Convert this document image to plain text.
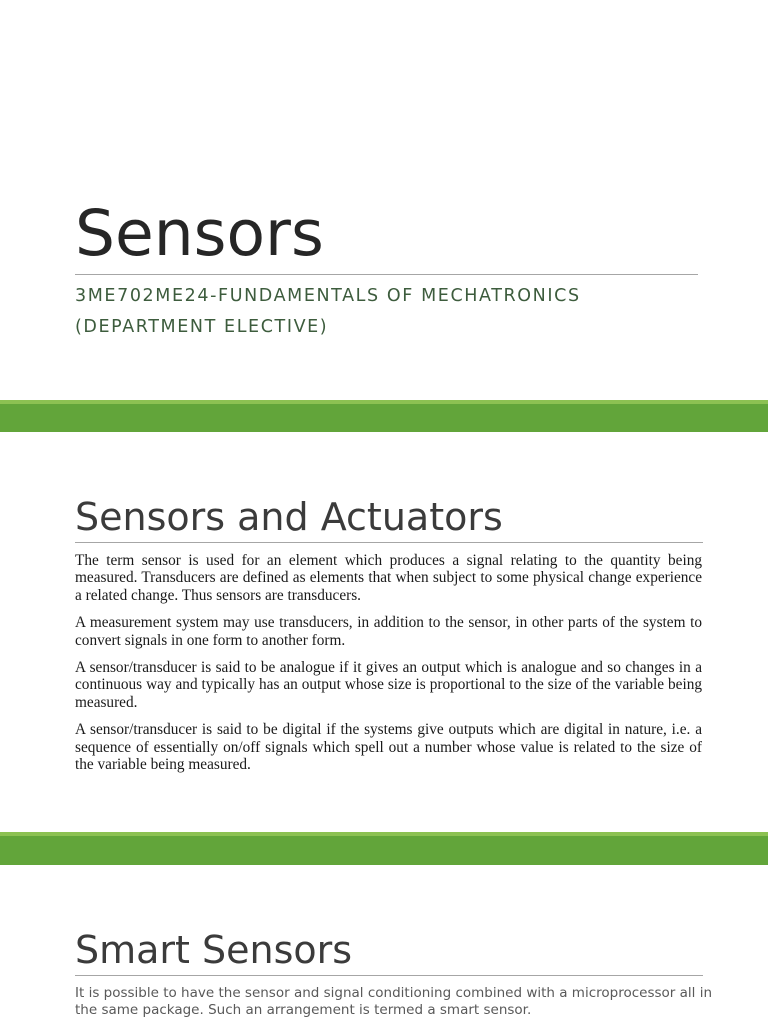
Sensors
3ME702ME24-FUNDAMENTALS OF MECHATRONICS
(DEPARTMENT ELECTIVE)
Sensors and Actuators

The term sensor is used for an element which produces a signal relating to the quantity being measured. Transducers are defined as elements that when subject to some physical change experience a related change. Thus sensors are transducers.

A measurement system may use transducers, in addition to the sensor, in other parts of the system to convert signals in one form to another form.

A sensor/transducer is said to be analogue if it gives an output which is analogue and so changes in a continuous way and typically has an output whose size is proportional to the size of the variable being measured.

A sensor/transducer is said to be digital if the systems give outputs which are digital in nature, i.e. a sequence of essentially on/off signals which spell out a number whose value is related to the size of the variable being measured.

Smart Sensors

It is possible to have the sensor and signal conditioning combined with a microprocessor all in the same package. Such an arrangement is termed a smart sensor.
